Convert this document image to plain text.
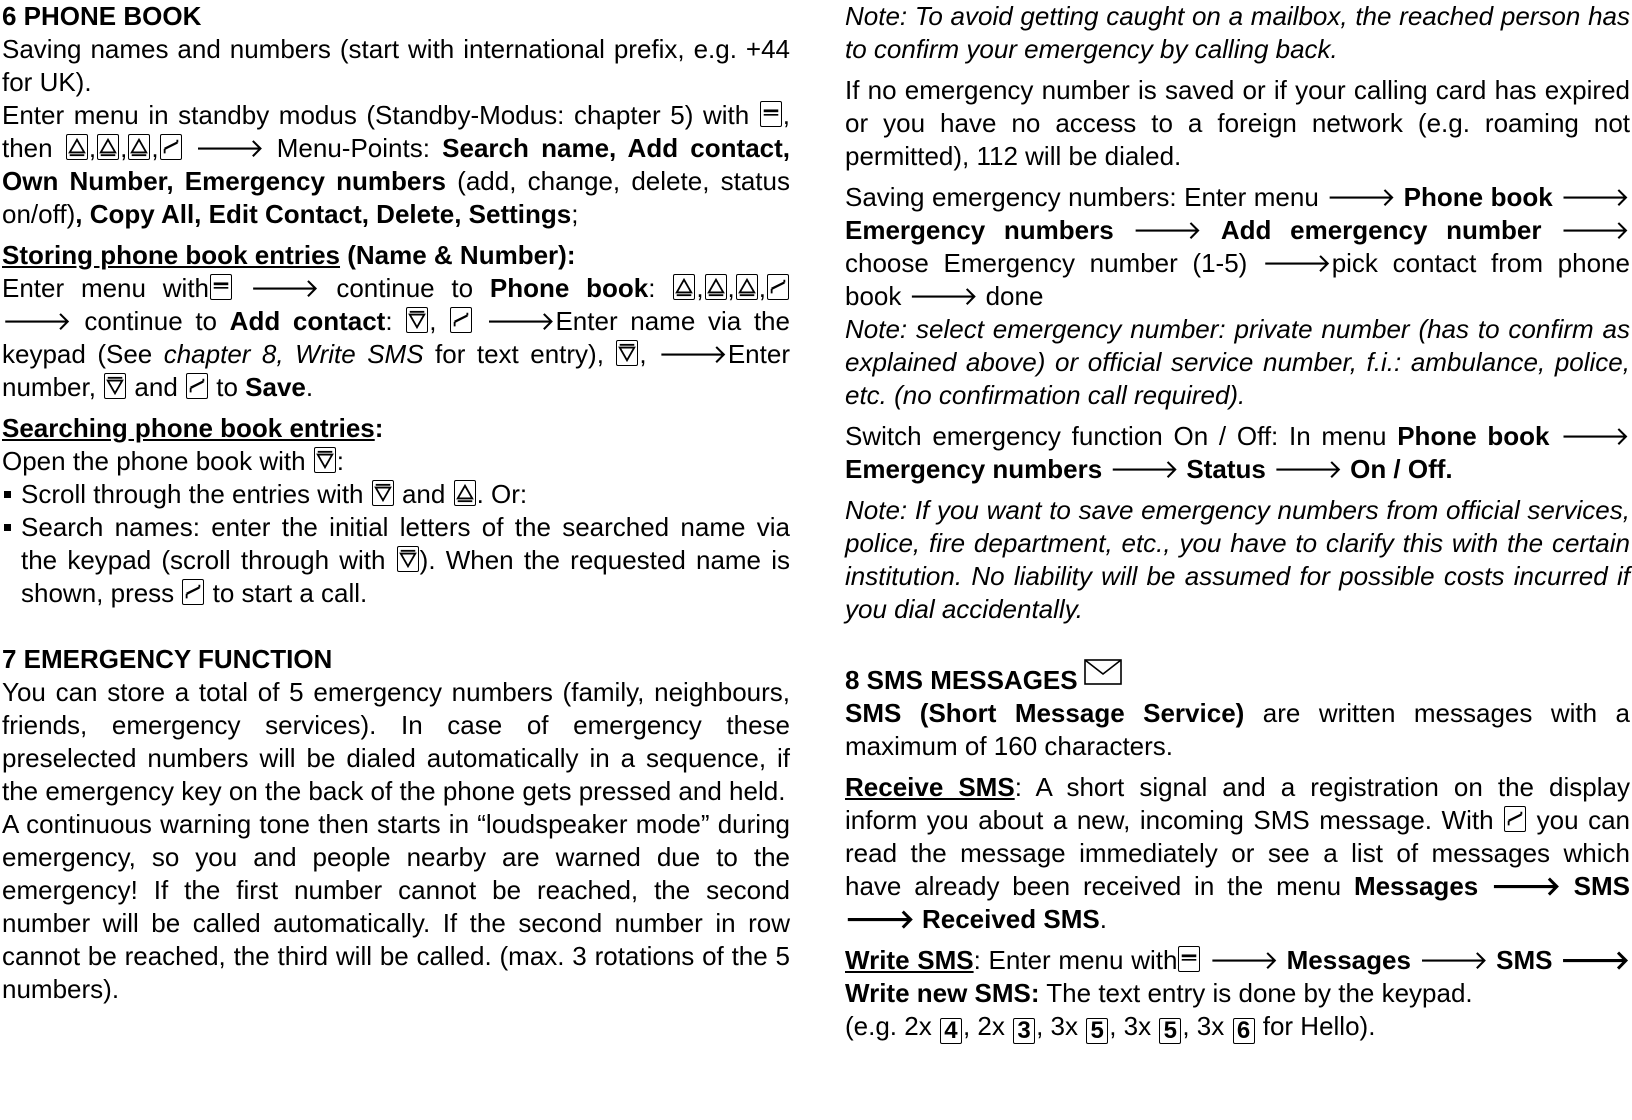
6 PHONE BOOK

Saving names and numbers (start with international prefix, e.g. +44 for UK).

Enter menu in standby modus (Standby-Modus: chapter 5) with
, then
, , , 🡒 Menu-Points: Search name, Add contact, Own Number, Emergency numbers (add, change, delete, status on/off), Copy All, Edit Contact, Delete, Settings;

Storing phone book entries (Name & Number):
Enter menu with 🡒 continue to Phone book:
, , ,
🡒 continue to Add contact:
,
🡒Enter name via the keypad (See chapter 8, Write SMS for text entry),
, 🡒Enter number,
and
to Save.

Searching phone book entries:
Open the phone book with
:

Scroll through the entries with
and
. Or:
Search names: enter the initial letters of the searched name via the keypad (scroll through with
). When the requested name is shown, press
to start a call.

7 EMERGENCY FUNCTION

You can store a total of 5 emergency numbers (family, neighbours, friends, emergency services). In case of emergency these preselected numbers will be dialed automatically in a sequence, if the emergency key on the back of the phone gets pressed and held.

A continuous warning tone then starts in “loudspeaker mode” during emergency, so you and people nearby are warned due to the emergency! If the first number cannot be reached, the second number will be called automatically. If the second number in row cannot be reached, the third will be called. (max. 3 rotations of the 5 numbers).

Note: To avoid getting caught on a mailbox, the reached person has to confirm your emergency by calling back.

If no emergency number is saved or if your calling card has expired or you have no access to a foreign network (e.g. roaming not permitted), 112 will be dialed.

Saving emergency numbers: Enter menu 🡒 Phone book 🡒 Emergency numbers 🡒 Add emergency number 🡒 choose Emergency number (1-5) 🡒pick contact from phone book 🡒 done

Note: select emergency number: private number (has to confirm as explained above) or official service number, f.i.: ambulance, police, etc. (no confirmation call required).

Switch emergency function On / Off: In menu Phone book 🡒 Emergency numbers 🡒 Status 🡒 On / Off.

Note: If you want to save emergency numbers from official services, police, fire department, etc., you have to clarify this with the certain institution. No liability will be assumed for possible costs incurred if you dial accidentally.

8 SMS MESSAGES

SMS (Short Message Service) are written messages with a maximum of 160 characters.

Receive SMS: A short signal and a registration on the display inform you about a new, incoming SMS message. With
you can read the message immediately or see a list of messages which have already been received in the menu Messages 🡒 SMS 🡒 Received SMS.

Write SMS: Enter menu with 🡒 Messages 🡒 SMS 🡒 Write new SMS: The text entry is done by the keypad.
(e.g. 2x 4 , 2x 3 , 3x 5 , 3x 5 , 3x 6 for Hello).
